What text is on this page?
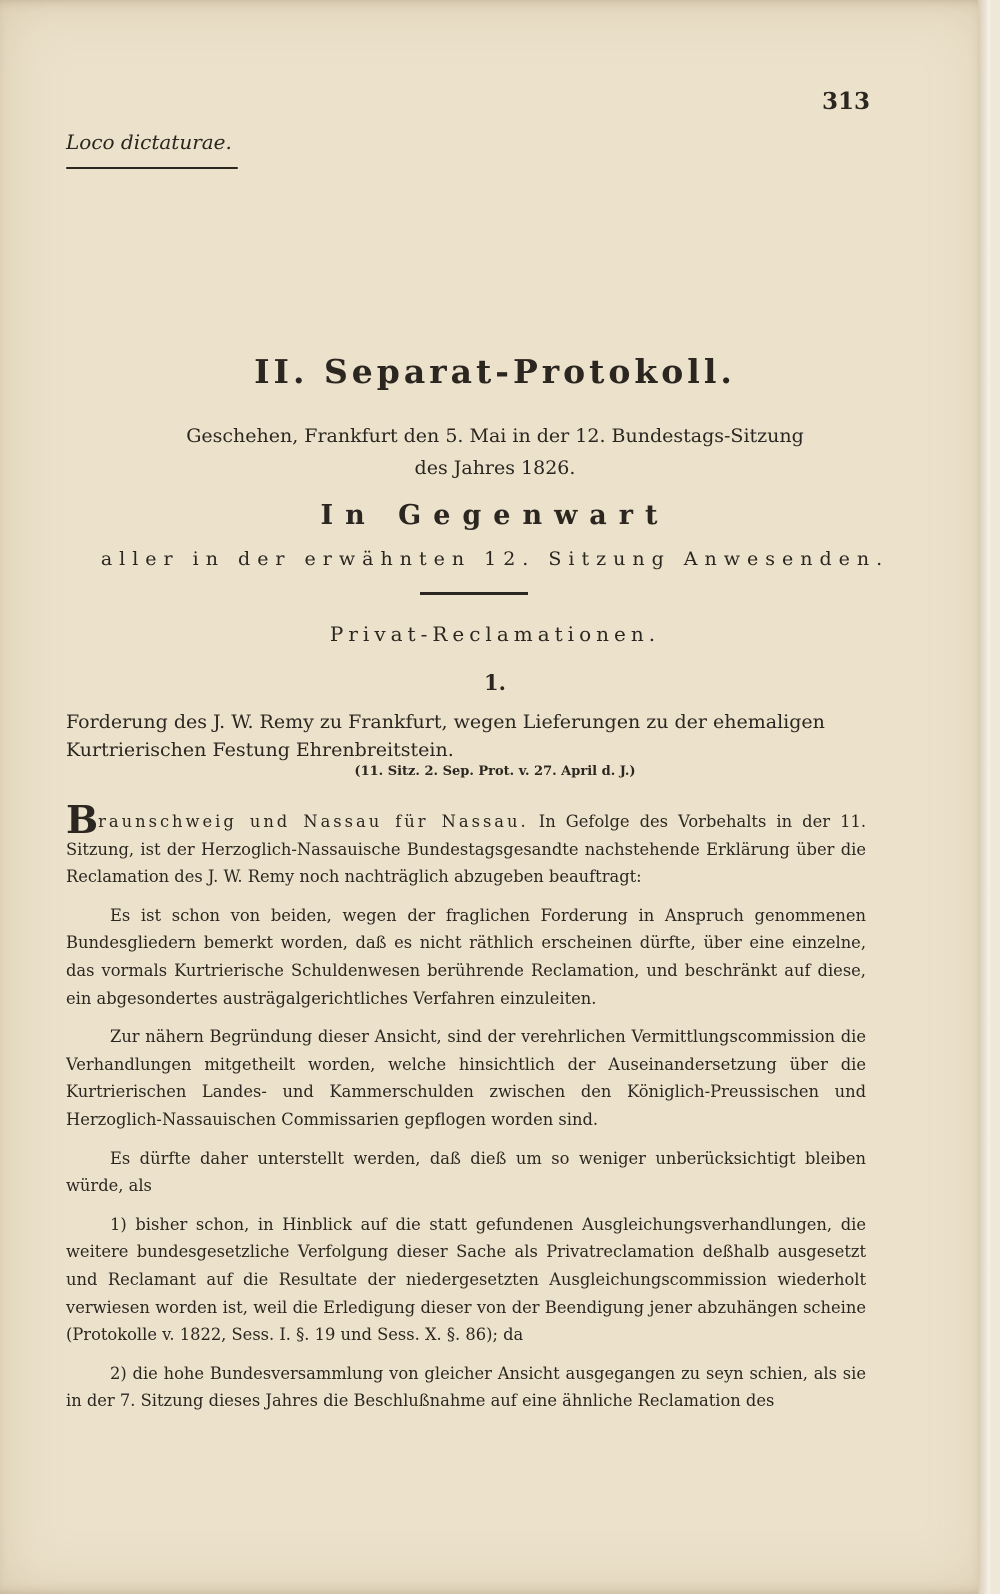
313
Loco dictaturae.
II. Separat-Protokoll.
Geschehen, Frankfurt den 5. Mai in der 12. Bundestags-Sitzung
des Jahres 1826.
In Gegenwart
aller in der erwähnten 12. Sitzung Anwesenden.
Privat-Reclamationen.
1.
Forderung des J. W. Remy zu Frankfurt, wegen Lieferungen zu der ehemaligen Kurtrierischen Festung Ehrenbreitstein.
(11. Sitz. 2. Sep. Prot. v. 27. April d. J.)

Braunschweig und Nassau für Nassau. In Gefolge des Vorbehalts in der 11. Sitzung, ist der Herzoglich-Nassauische Bundestagsgesandte nachstehende Erklärung über die Reclamation des J. W. Remy noch nachträglich abzugeben beauftragt:

Es ist schon von beiden, wegen der fraglichen Forderung in Anspruch genommenen Bundesgliedern bemerkt worden, daß es nicht räthlich erscheinen dürfte, über eine einzelne, das vormals Kurtrierische Schuldenwesen berührende Reclamation, und beschränkt auf diese, ein abgesondertes austrägalgerichtliches Verfahren einzuleiten.

Zur nähern Begründung dieser Ansicht, sind der verehrlichen Vermittlungscommission die Verhandlungen mitgetheilt worden, welche hinsichtlich der Auseinandersetzung über die Kurtrierischen Landes- und Kammerschulden zwischen den Königlich-Preussischen und Herzoglich-Nassauischen Commissarien gepflogen worden sind.

Es dürfte daher unterstellt werden, daß dieß um so weniger unberücksichtigt bleiben würde, als

1) bisher schon, in Hinblick auf die statt gefundenen Ausgleichungsverhandlungen, die weitere bundesgesetzliche Verfolgung dieser Sache als Privatreclamation deßhalb ausgesetzt und Reclamant auf die Resultate der niedergesetzten Ausgleichungscommission wiederholt verwiesen worden ist, weil die Erledigung dieser von der Beendigung jener abzuhängen scheine (Protokolle v. 1822, Sess. I. §. 19 und Sess. X. §. 86); da

2) die hohe Bundesversammlung von gleicher Ansicht ausgegangen zu seyn schien, als sie in der 7. Sitzung dieses Jahres die Beschlußnahme auf eine ähnliche Reclamation des
